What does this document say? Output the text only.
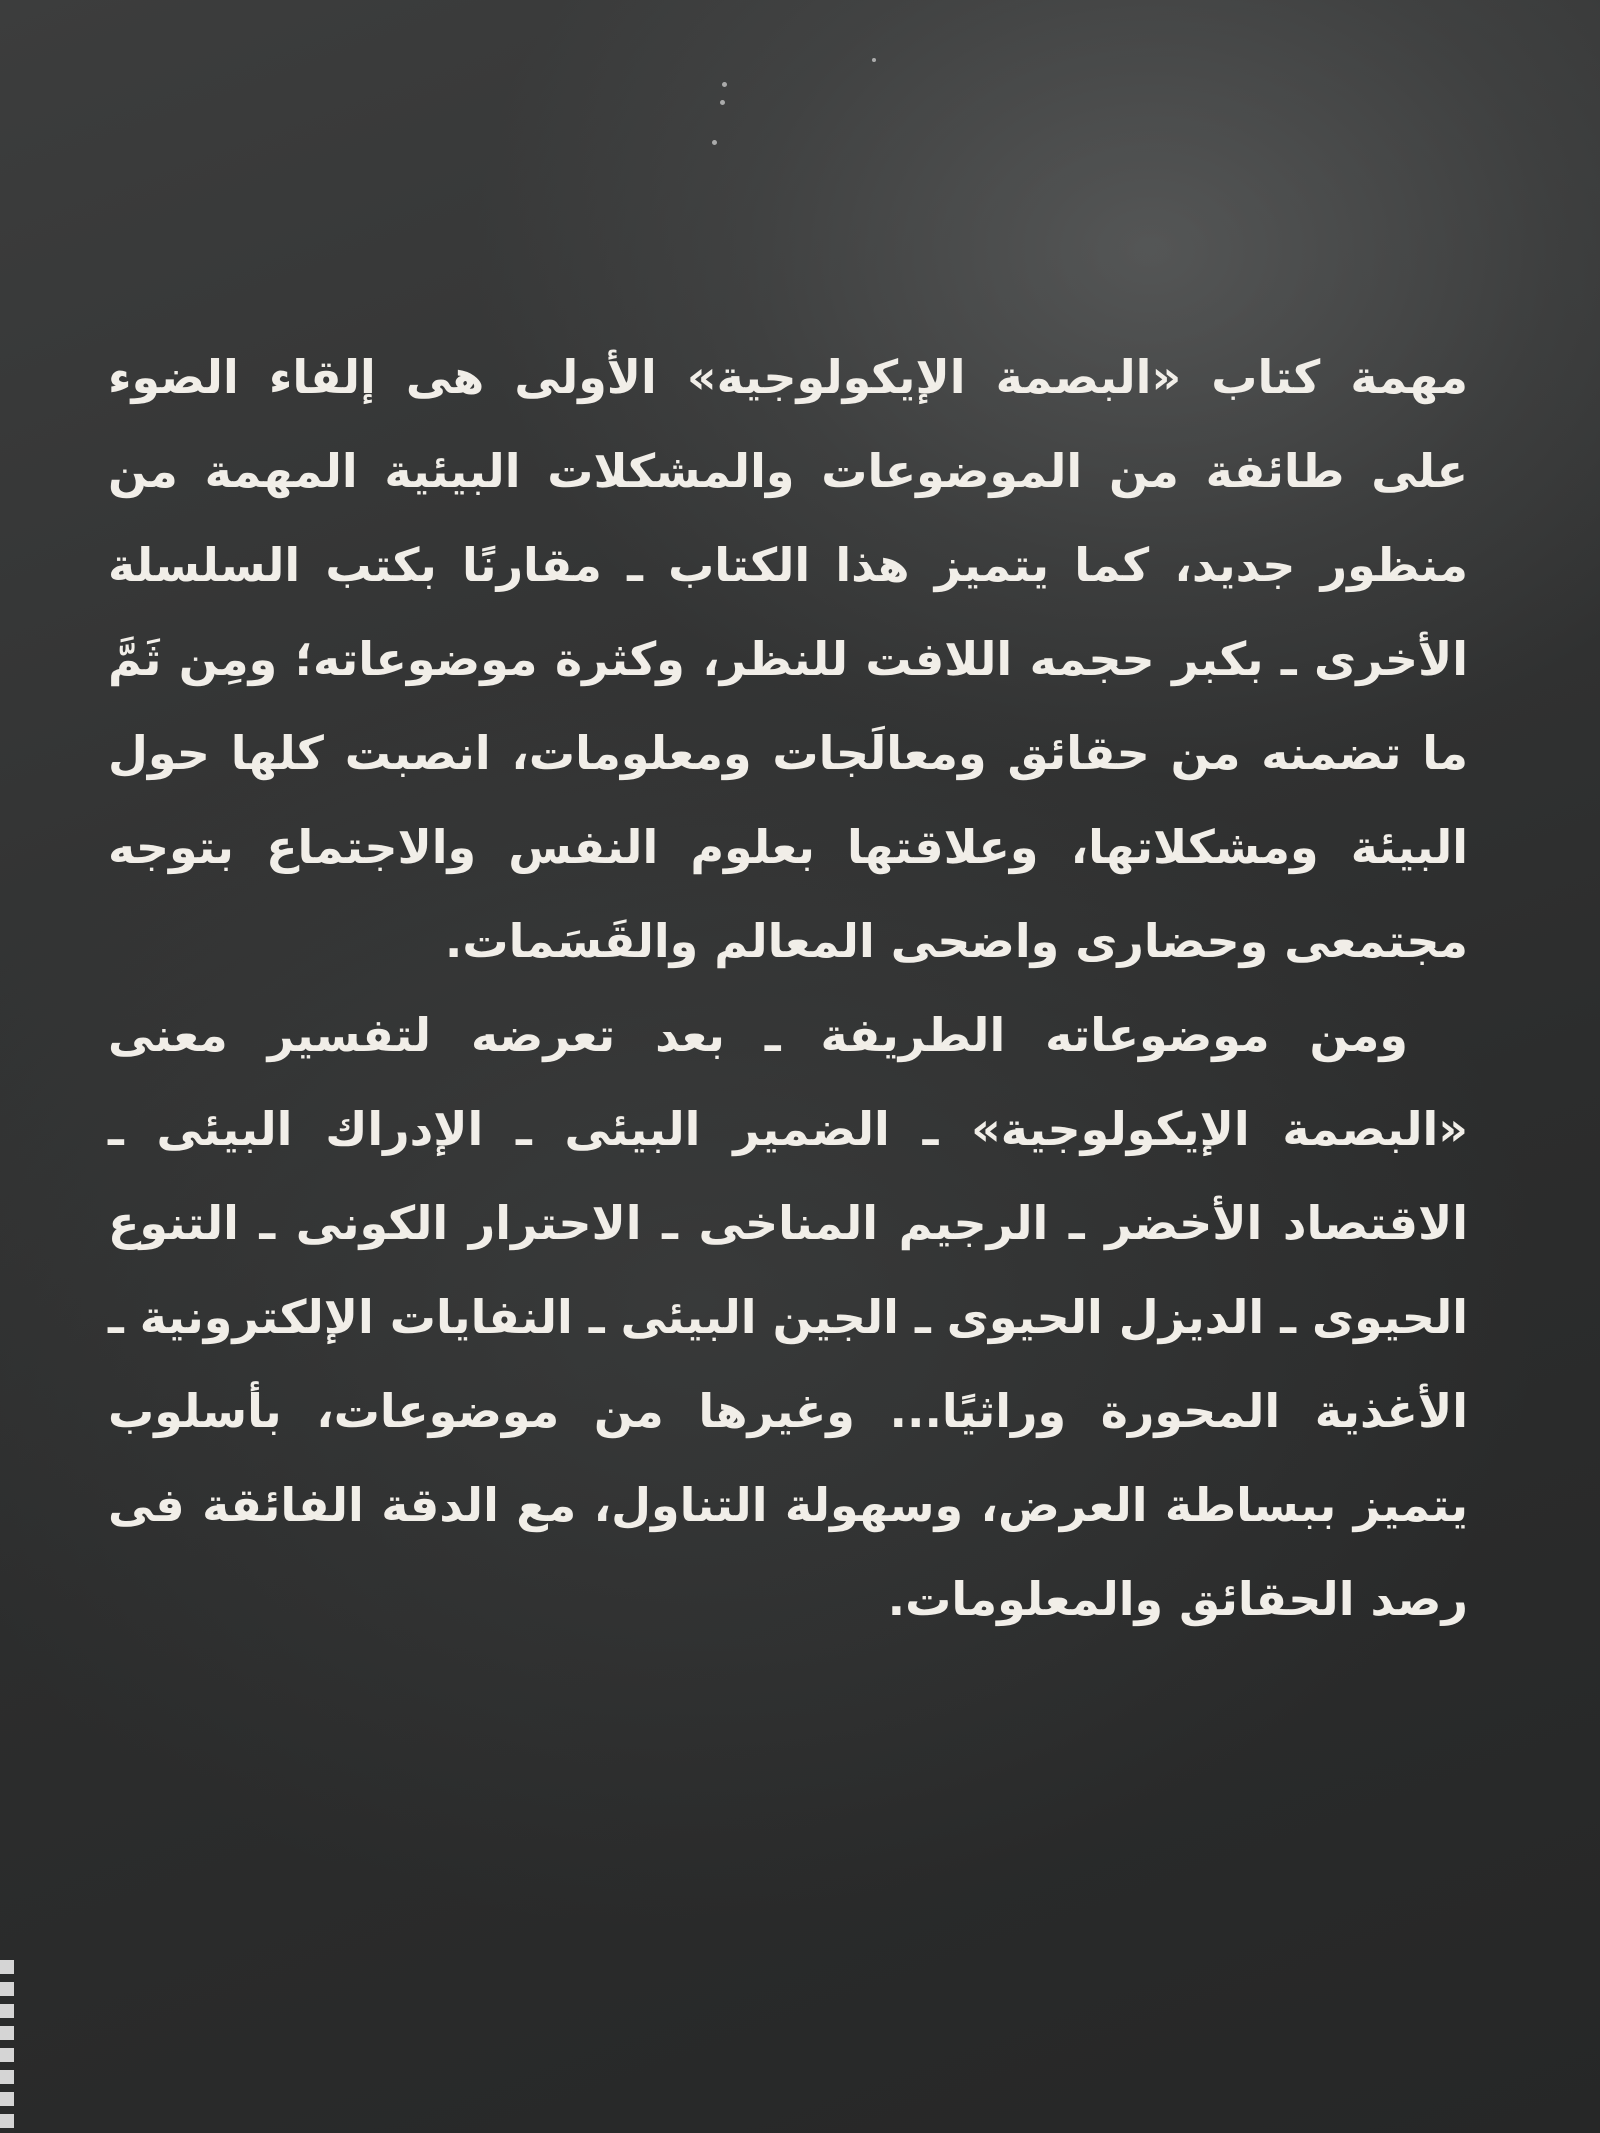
مهمة كتاب «البصمة الإيكولوجية» الأولى هى إلقاء الضوء على طائفة من الموضوعات والمشكلات البيئية المهمة من منظور جديد، كما يتميز هذا الكتاب ـ مقارنًا بكتب السلسلة الأخرى ـ بكبر حجمه اللافت للنظر، وكثرة موضوعاته؛ ومِن ثَمَّ ما تضمنه من حقائق ومعالَجات ومعلومات، انصبت كلها حول البيئة ومشكلاتها، وعلاقتها بعلوم النفس والاجتماع بتوجه مجتمعى وحضارى واضحى المعالم والقَسَمات.

ومن موضوعاته الطريفة ـ بعد تعرضه لتفسير معنى «البصمة الإيكولوجية» ـ الضمير البيئى ـ الإدراك البيئى ـ الاقتصاد الأخضر ـ الرجيم المناخى ـ الاحترار الكونى ـ التنوع الحيوى ـ الديزل الحيوى ـ الجين البيئى ـ النفايات الإلكترونية ـ الأغذية المحورة وراثيًا... وغيرها من موضوعات، بأسلوب يتميز ببساطة العرض، وسهولة التناول، مع الدقة الفائقة فى رصد الحقائق والمعلومات.
